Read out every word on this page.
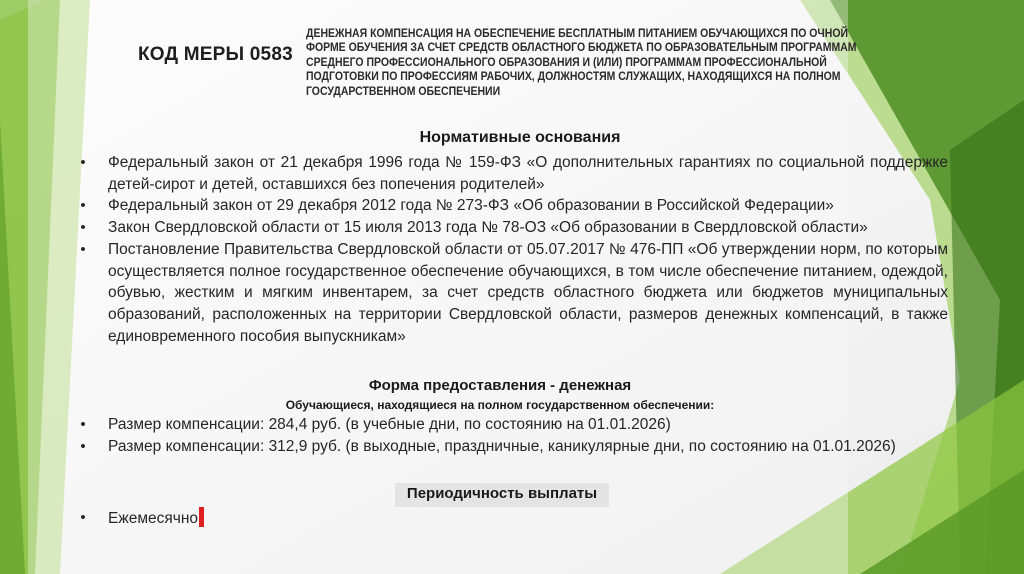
КОД МЕРЫ 0583
ДЕНЕЖНАЯ КОМПЕНСАЦИЯ НА ОБЕСПЕЧЕНИЕ БЕСПЛАТНЫМ ПИТАНИЕМ ОБУЧАЮЩИХСЯ ПО ОЧНОЙ ФОРМЕ ОБУЧЕНИЯ ЗА СЧЕТ СРЕДСТВ ОБЛАСТНОГО БЮДЖЕТА ПО ОБРАЗОВАТЕЛЬНЫМ ПРОГРАММАМ СРЕДНЕГО ПРОФЕССИОНАЛЬНОГО ОБРАЗОВАНИЯ И (ИЛИ) ПРОГРАММАМ ПРОФЕССИОНАЛЬНОЙ ПОДГОТОВКИ ПО ПРОФЕССИЯМ РАБОЧИХ, ДОЛЖНОСТЯМ СЛУЖАЩИХ, НАХОДЯЩИХСЯ НА ПОЛНОМ ГОСУДАРСТВЕННОМ ОБЕСПЕЧЕНИИ
Нормативные основания
• Федеральный закон от 21 декабря 1996 года № 159-ФЗ «О дополнительных гарантиях по социальной поддержке детей-сирот и детей, оставшихся без попечения родителей»
• Федеральный закон от 29 декабря 2012 года № 273-ФЗ «Об образовании в Российской Федерации»
• Закон Свердловской области от 15 июля 2013 года № 78-ОЗ «Об образовании в Свердловской области»
• Постановление Правительства Свердловской области от 05.07.2017 № 476-ПП «Об утверждении норм, по которым осуществляется полное государственное обеспечение обучающихся, в том числе обеспечение питанием, одеждой, обувью, жестким и мягким инвентарем, за счет средств областного бюджета или бюджетов муниципальных образований, расположенных на территории Свердловской области, размеров денежных компенсаций, в также единовременного пособия выпускникам»
Форма предоставления - денежная
Обучающиеся, находящиеся на полном государственном обеспечении:
• Размер компенсации: 284,4 руб. (в учебные дни, по состоянию на 01.01.2026)
• Размер компенсации: 312,9 руб. (в выходные, праздничные, каникулярные дни, по состоянию на 01.01.2026)
Периодичность выплаты
• Ежемесячно
